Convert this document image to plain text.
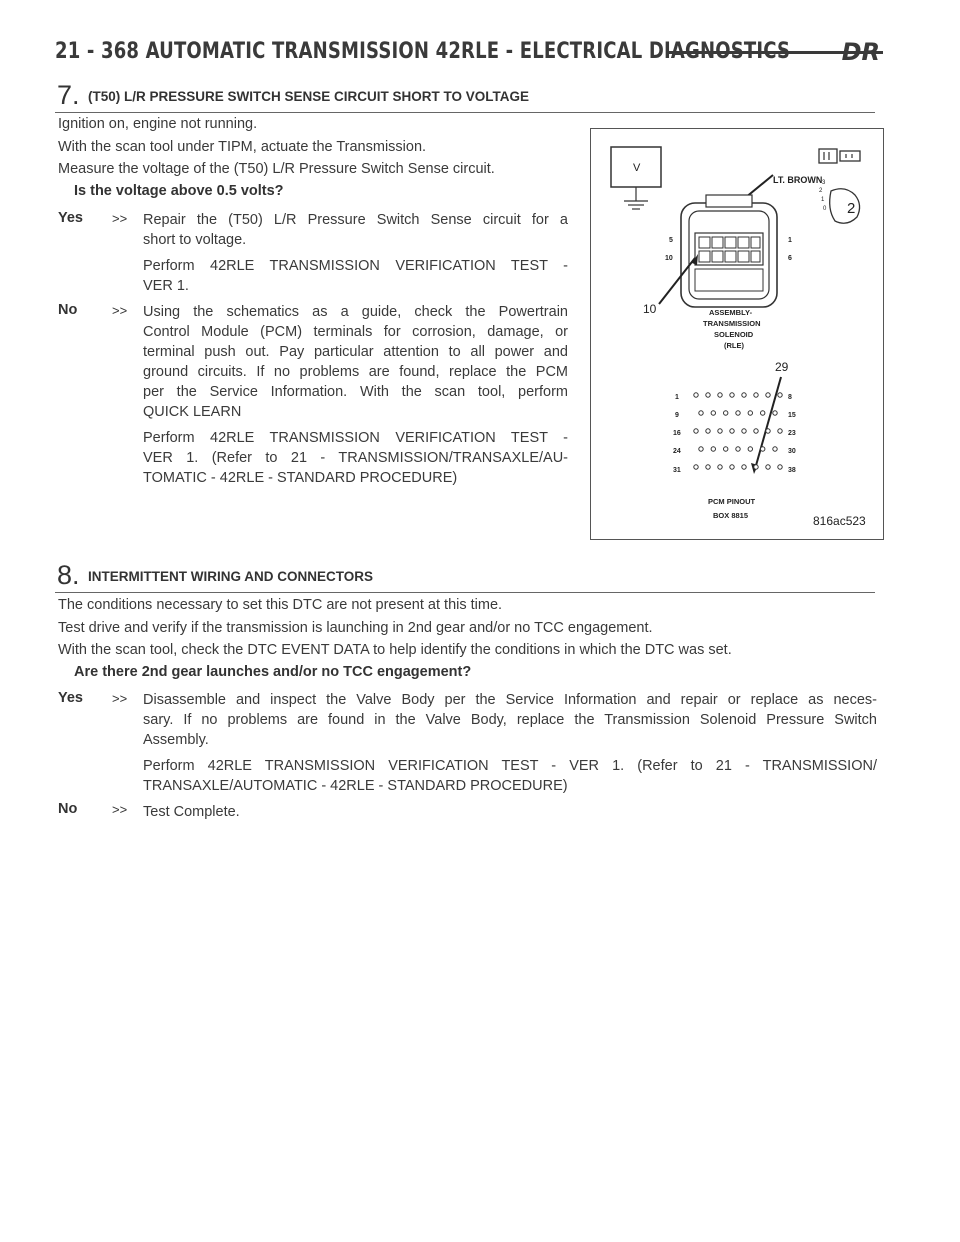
21 - 368 AUTOMATIC TRANSMISSION 42RLE - ELECTRICAL DIAGNOSTICS DR
7. (T50) L/R PRESSURE SWITCH SENSE CIRCUIT SHORT TO VOLTAGE
Ignition on, engine not running.
With the scan tool under TIPM, actuate the Transmission.
Measure the voltage of the (T50) L/R Pressure Switch Sense circuit.
Is the voltage above 0.5 volts?
Yes >> Repair the (T50) L/R Pressure Switch Sense circuit for a
short to voltage.
Perform 42RLE TRANSMISSION VERIFICATION TEST -
VER 1.
No	>> Using the schematics as a guide, check the Powertrain
Control Module (PCM) terminals for corrosion, damage, or
terminal push out. Pay particular attention to all power and
ground circuits. If no problems are found, replace the PCM
per the Service Information. With the scan tool, perform
QUICK LEARN
Perform 42RLE TRANSMISSION VERIFICATION TEST -
VER 1. (Refer to 21 - TRANSMISSION/TRANSAXLE/AU-
TOMATIC - 42RLE - STANDARD PROCEDURE)
V
LT. BROWN
2
3
2
1
0
5	1
10	6
10	ASSEMBLY-
TRANSMISSION
SOLENOID
(RLE)
29
1
9
16
24
31
8
15
23
30
38
PCM PINOUT
BOX 8815	816ac523
8. INTERMITTENT WIRING AND CONNECTORS
The conditions necessary to set this DTC are not present at this time.
Test drive and verify if the transmission is launching in 2nd gear and/or no TCC engagement.
With the scan tool, check the DTC EVENT DATA to help identify the conditions in which the DTC was set.
Are there 2nd gear launches and/or no TCC engagement?
Yes >> Disassemble and inspect the Valve Body per the Service Information and repair or replace as neces-
sary. If no problems are found in the Valve Body, replace the Transmission Solenoid Pressure Switch
Assembly.
Perform 42RLE TRANSMISSION VERIFICATION TEST - VER 1. (Refer to 21 - TRANSMISSION/
TRANSAXLE/AUTOMATIC - 42RLE - STANDARD PROCEDURE)
No	>> Test Complete.
